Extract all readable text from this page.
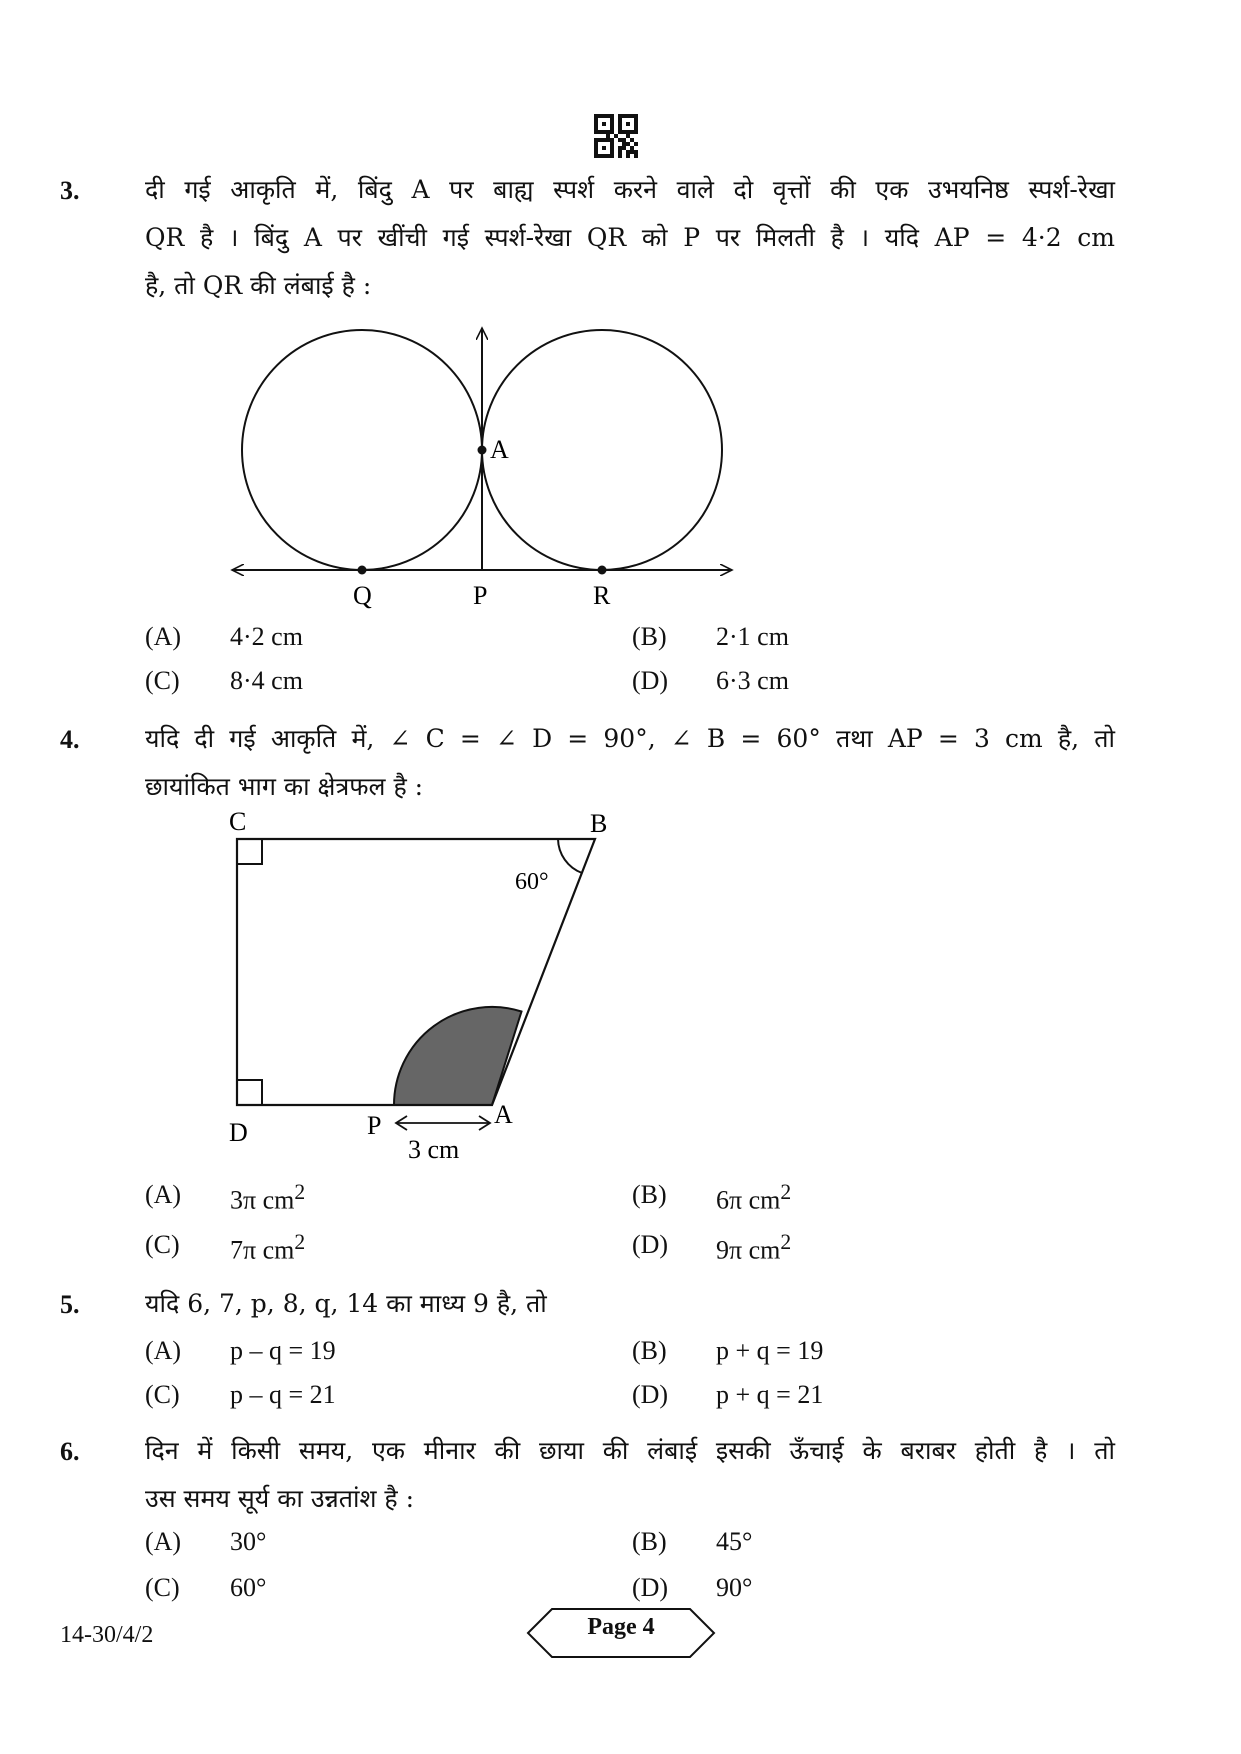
3.	दी गई आकृति में, बिंदु A पर बाह्य स्पर्श करने वाले दो वृत्तों की एक उभयनिष्ठ स्पर्श-रेखा
QR है । बिंदु A पर खींची गई स्पर्श-रेखा QR को P पर मिलती है । यदि AP = 4·2 cm
है, तो QR की लंबाई है :
A
Q	P	R
(A) 4·2 cm	(B) 2·1 cm
(C) 8·4 cm	(D) 6·3 cm
4.	यदि दी गई आकृति में, ∠ C = ∠ D = 90°, ∠ B = 60° तथा AP = 3 cm है, तो
छायांकित भाग का क्षेत्रफल है :
C	B
60°
D	P	A
3 cm
(A) 3π $cm^2$	(B) 6π $cm^2$
(C) 7π $cm^2$	(D) 9π $cm^2$
5.	यदि 6, 7, p, 8, q, 14 का माध्य 9 है, तो
(A) p – q = 19	(B) p + q = 19
(C) p – q = 21	(D) p + q = 21
6.	दिन में किसी समय, एक मीनार की छाया की लंबाई इसकी ऊँचाई के बराबर होती है । तो
उस समय सूर्य का उन्नतांश है :
(A) 30°	(B) 45°
(C) 60°	(D) 90°
14-30/4/2	Page 4
